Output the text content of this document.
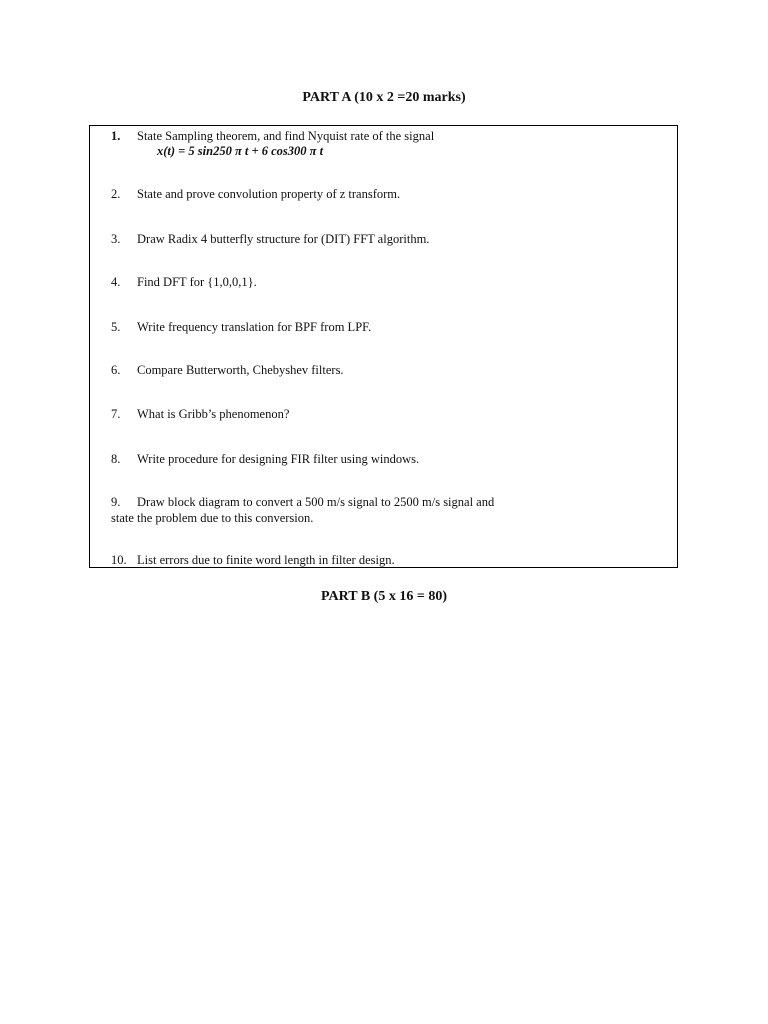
PART A (10 x 2 =20 marks)
1. State Sampling theorem, and find Nyquist rate of the signal
x(t) = 5 sin250 π t + 6 cos300 π t
2. State and prove convolution property of z transform.
3. Draw Radix 4 butterfly structure for (DIT) FFT algorithm.
4. Find DFT for {1,0,0,1}.
5. Write frequency translation for BPF from LPF.
6. Compare Butterworth, Chebyshev filters.
7. What is Gribb’s phenomenon?
8. Write procedure for designing FIR filter using windows.
9. Draw block diagram to convert a 500 m/s signal to 2500 m/s signal and
state the problem due to this conversion.
10. List errors due to finite word length in filter design.
PART B (5 x 16 = 80)
